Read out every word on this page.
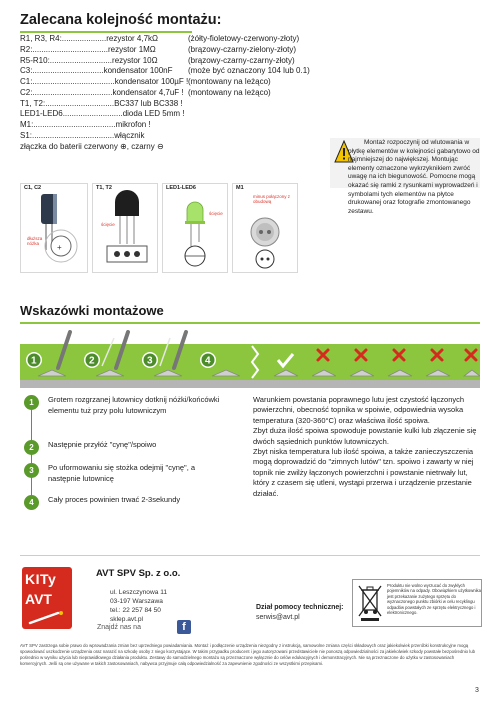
Zalecana kolejność montażu:
R1, R3, R4:....................rezystor 4,7kΩ	(żółty-fioletowy-czerwony-złoty)
R2:..................................rezystor 1MΩ	(brązowy-czarny-zielony-złoty)
R5-R10:............................rezystor 10Ω	(brązowy-czarny-czarny-złoty)
C3:................................kondensator 100nF (może być oznaczony 104 lub 0.1)
C1:.....................................kondensator 100µF ! (montowany na leżąco)
C2:....................................kondensator 4,7uF ! (montowany na leżąco)
T1, T2:...............................BC337 lub BC338 !
LED1-LED6...........................dioda LED 5mm !
M1:.....................................mikrofon !
S1:.....................................włącznik
złączka do baterii czerwony ⊕, czarny ⊖	Montaż rozpoczynij od wlutowania w płytkę elementów w kolejności gabarytowo od najmniejszej do największej. Montując elementy oznaczone wykrzyknikiem zwróć uwagę na ich biegunowość. Pomocne mogą okazać się ramki z rysunkami wyprowadzeń i symbolami tych elementów na płytce drukowanej oraz fotografie zmontowanego zestawu.
C1, C2
+
dłuższa nóżka
T1, T2
ścięcie
LED1-LED6
ścięcie
M1
minus połączony z obudową
Wskazówki montażowe
1	2	3	4
1	Grotem rozgrzanej lutownicy dotknij nóżki/końcówki elementu tuż przy polu lutowniczym
2	Następnie przyłóż "cynę"/spoiwo
3	Po uformowaniu się stożka odejmij "cynę", a następnie lutownicę
4	Cały proces powinien trwać 2-3sekundy

Warunkiem powstania poprawnego lutu jest czystość łączonych powierzchni, obecność topnika w spoiwie, odpowiednia wysoka temperatura (320-360°C) oraz właściwa ilość spoiwa.

Zbyt duża ilość spoiwa spowoduje powstanie kulki lub złączenie się dwóch sąsiednich punktów lutowniczych.

Zbyt niska temperatura lub ilość spoiwa, a także zanieczyszczenia mogą doprowadzić do "zimnych lutów" tzn. spoiwo i zawarty w niej topnik nie zwilży łączonych powierzchni i powstanie nietrwały lut, który z czasem się utleni, wystąpi przerwa i urządzenie przestanie działać.

KITy
AVT
AVT SPV Sp. z o.o.
ul. Leszczynowa 11
03-197 Warszawa
tel.: 22 257 84 50
sklep.avt.pl
Znajdź nas na	f
Dział pomocy technicznej:
serwis@avt.pl
Produktu nie wolno wyrzucać do zwykłych pojemników na odpady. Obowiązkiem użytkownika jest przekazanie zużytego sprzętu do wyznaczonego punktu zbiórki w celu recyklingu odpadów powstałych ze sprzętu elektrycznego i elektronicznego.
AVT SPV zastrzega sobie prawo do wprowadzania zmian bez uprzedniego powiadamiania. Montaż i podłączenie urządzenia niezgodny z instrukcją, samowolne zmiana części składowych oraz jakiekolwiek przeróbki konstrukcyjne mogą spowodować uszkodzenie urządzenia oraz narazić na szkodę osoby z niego korzystające. W takim przypadku producent i jego autoryzowani przedstawiciele nie ponoszą odpowiedzialności za jakiekolwiek szkody powstałe bezpośrednio lub pośrednio w wyniku użycia lub nieprawidłowego działania produktu. Zestawy do samodzielnego montażu są przeznaczone wyłącznie do celów edukacyjnych i demonstracyjnych. Nie są przeznaczone do użytku w zastosowaniach komercyjnych. Jeśli są one używane w takich zastosowaniach, nabywca przyjmuje całą odpowiedzialność za zapewnienie zgodności ze wszystkimi przepisami.
3
